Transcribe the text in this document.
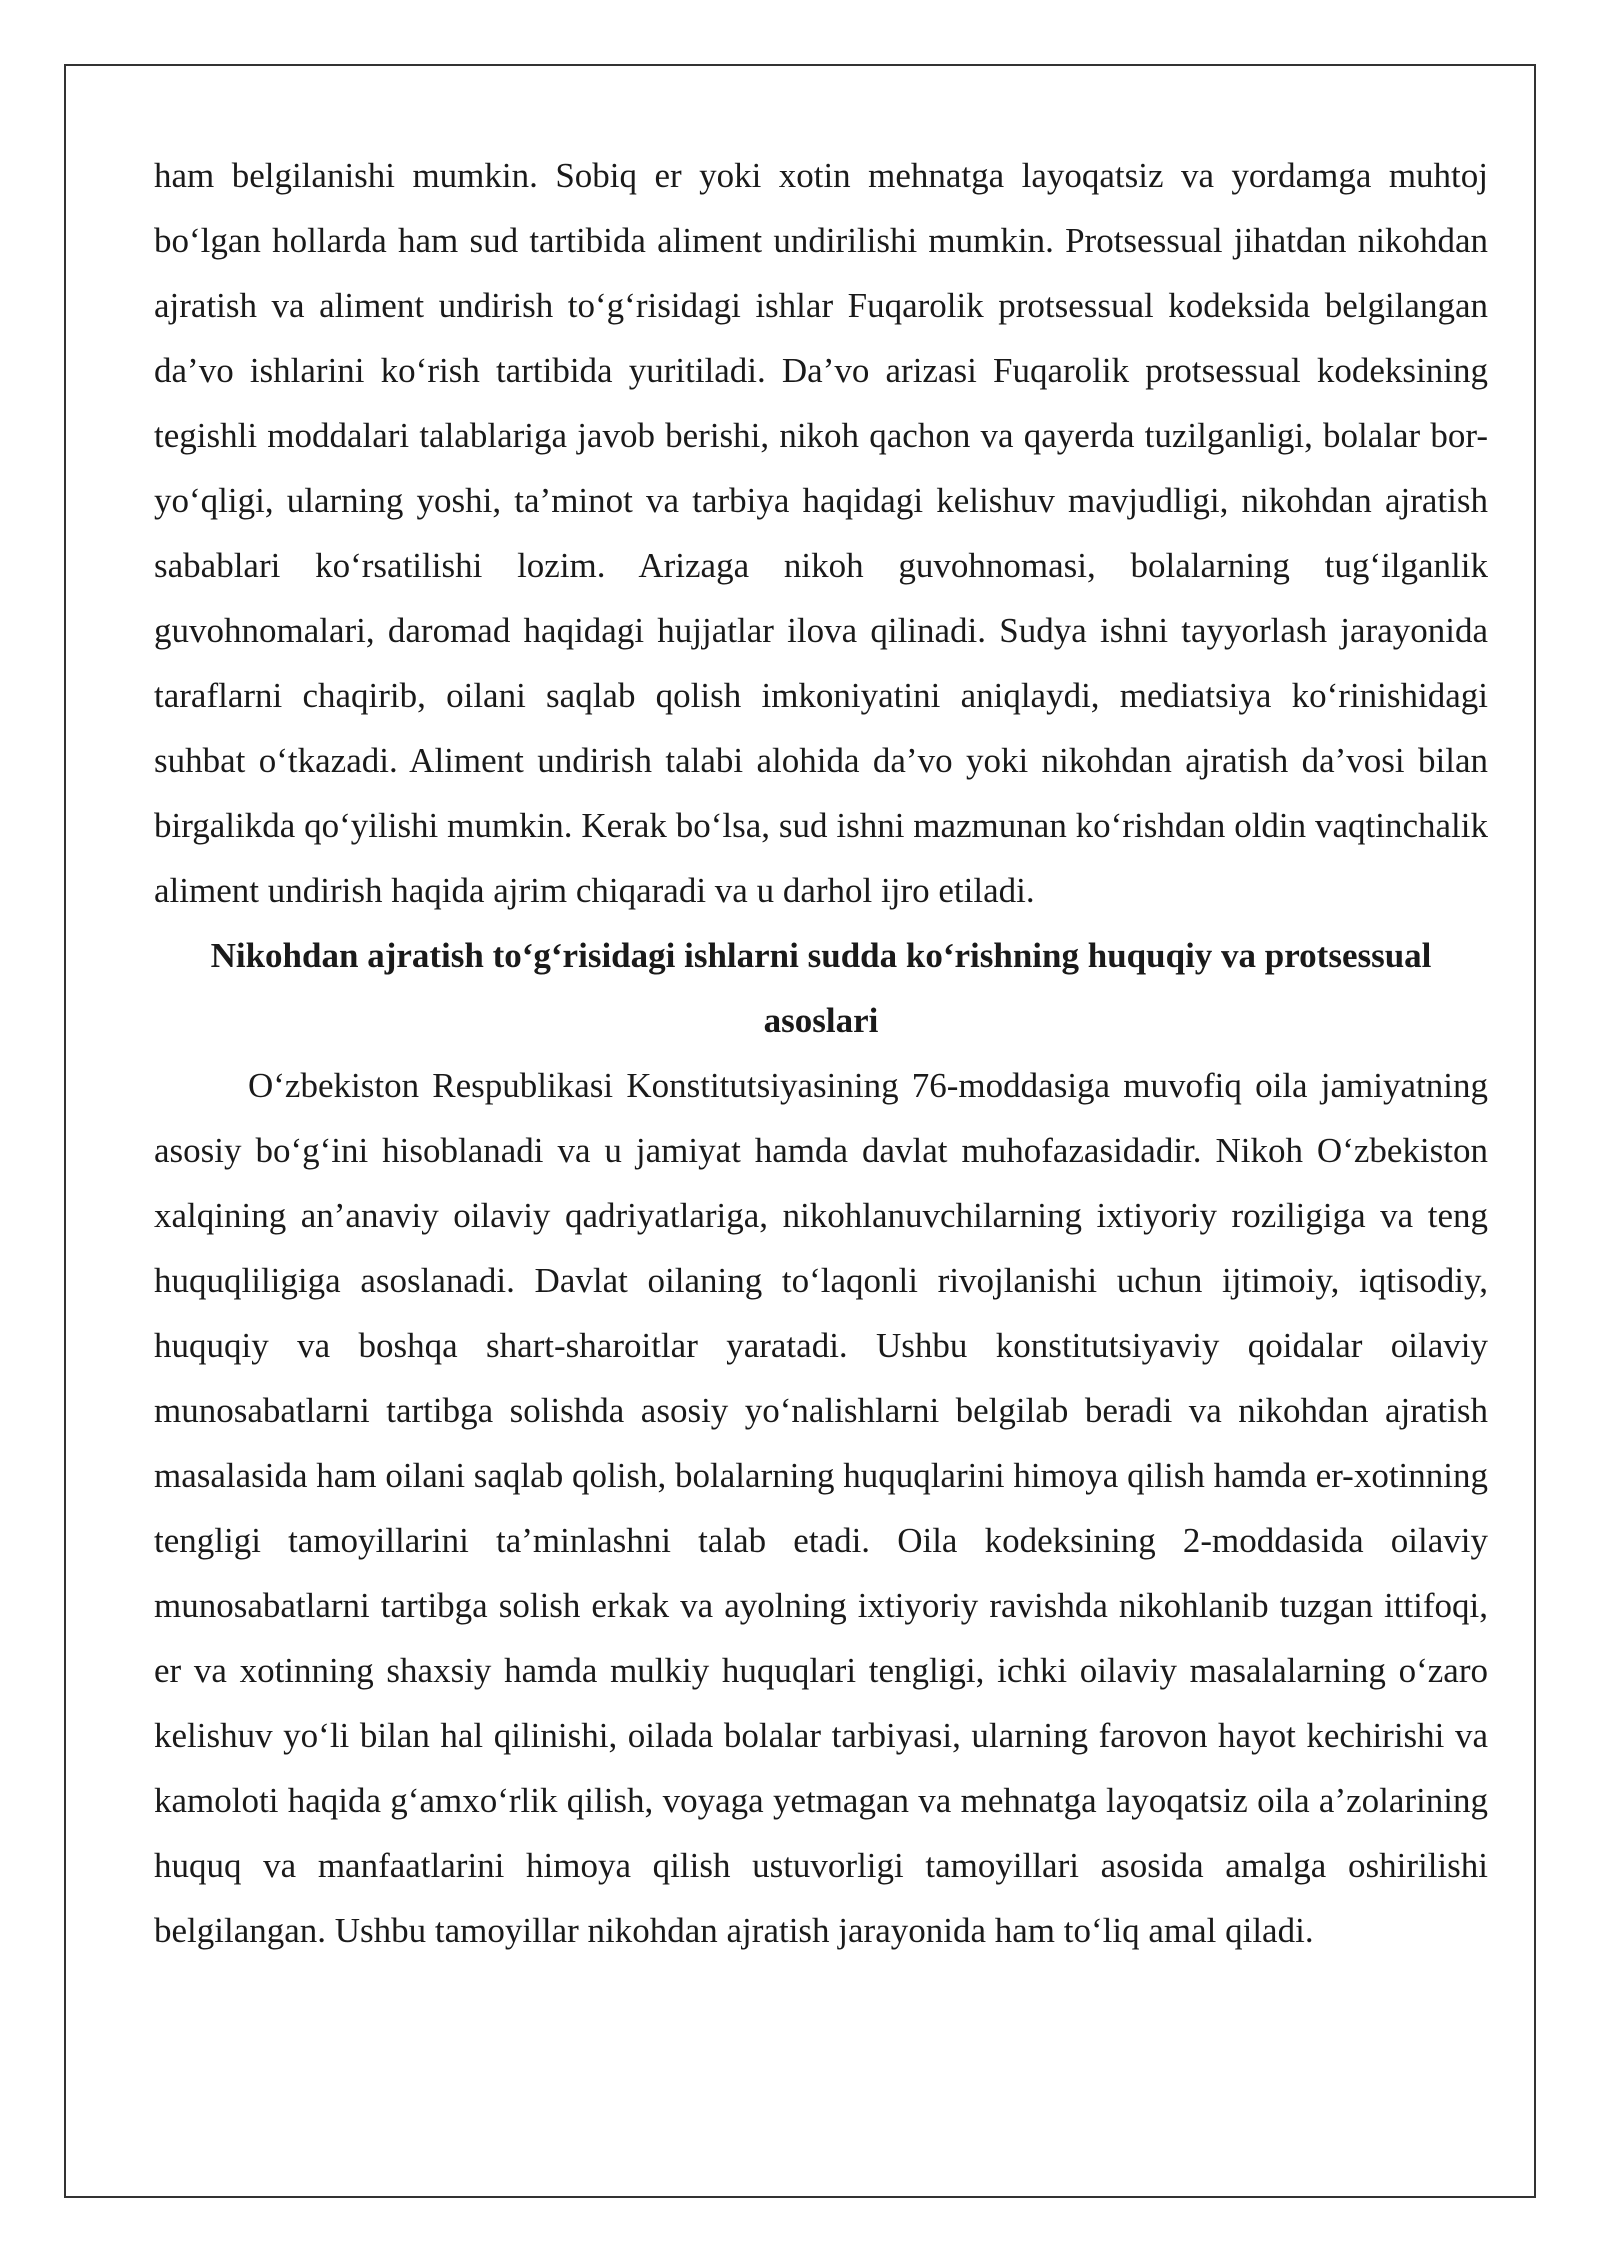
ham belgilanishi mumkin. Sobiq er yoki xotin mehnatga layoqatsiz va yordamga muhtoj bo‘lgan hollarda ham sud tartibida aliment undirilishi mumkin. Protsessual jihatdan nikohdan ajratish va aliment undirish to‘g‘risidagi ishlar Fuqarolik protsessual kodeksida belgilangan da’vo ishlarini ko‘rish tartibida yuritiladi. Da’vo arizasi Fuqarolik protsessual kodeksining tegishli moddalari talablariga javob berishi, nikoh qachon va qayerda tuzilganligi, bolalar bor-yo‘qligi, ularning yoshi, ta’minot va tarbiya haqidagi kelishuv mavjudligi, nikohdan ajratish sabablari ko‘rsatilishi lozim. Arizaga nikoh guvohnomasi, bolalarning tug‘ilganlik guvohnomalari, daromad haqidagi hujjatlar ilova qilinadi. Sudya ishni tayyorlash jarayonida taraflarni chaqirib, oilani saqlab qolish imkoniyatini aniqlaydi, mediatsiya ko‘rinishidagi suhbat o‘tkazadi. Aliment undirish talabi alohida da’vo yoki nikohdan ajratish da’vosi bilan birgalikda qo‘yilishi mumkin. Kerak bo‘lsa, sud ishni mazmunan ko‘rishdan oldin vaqtinchalik aliment undirish haqida ajrim chiqaradi va u darhol ijro etiladi.

Nikohdan ajratish to‘g‘risidagi ishlarni sudda ko‘rishning huquqiy va protsessual asoslari

O‘zbekiston Respublikasi Konstitutsiyasining 76-moddasiga muvofiq oila jamiyatning asosiy bo‘g‘ini hisoblanadi va u jamiyat hamda davlat muhofazasidadir. Nikoh O‘zbekiston xalqining an’anaviy oilaviy qadriyatlariga, nikohlanuvchilarning ixtiyoriy roziligiga va teng huquqliligiga asoslanadi. Davlat oilaning to‘laqonli rivojlanishi uchun ijtimoiy, iqtisodiy, huquqiy va boshqa shart-sharoitlar yaratadi. Ushbu konstitutsiyaviy qoidalar oilaviy munosabatlarni tartibga solishda asosiy yo‘nalishlarni belgilab beradi va nikohdan ajratish masalasida ham oilani saqlab qolish, bolalarning huquqlarini himoya qilish hamda er-xotinning tengligi tamoyillarini ta’minlashni talab etadi. Oila kodeksining 2-moddasida oilaviy munosabatlarni tartibga solish erkak va ayolning ixtiyoriy ravishda nikohlanib tuzgan ittifoqi, er va xotinning shaxsiy hamda mulkiy huquqlari tengligi, ichki oilaviy masalalarning o‘zaro kelishuv yo‘li bilan hal qilinishi, oilada bolalar tarbiyasi, ularning farovon hayot kechirishi va kamoloti haqida g‘amxo‘rlik qilish, voyaga yetmagan va mehnatga layoqatsiz oila a’zolarining huquq va manfaatlarini himoya qilish ustuvorligi tamoyillari asosida amalga oshirilishi belgilangan. Ushbu tamoyillar nikohdan ajratish jarayonida ham to‘liq amal qiladi.
